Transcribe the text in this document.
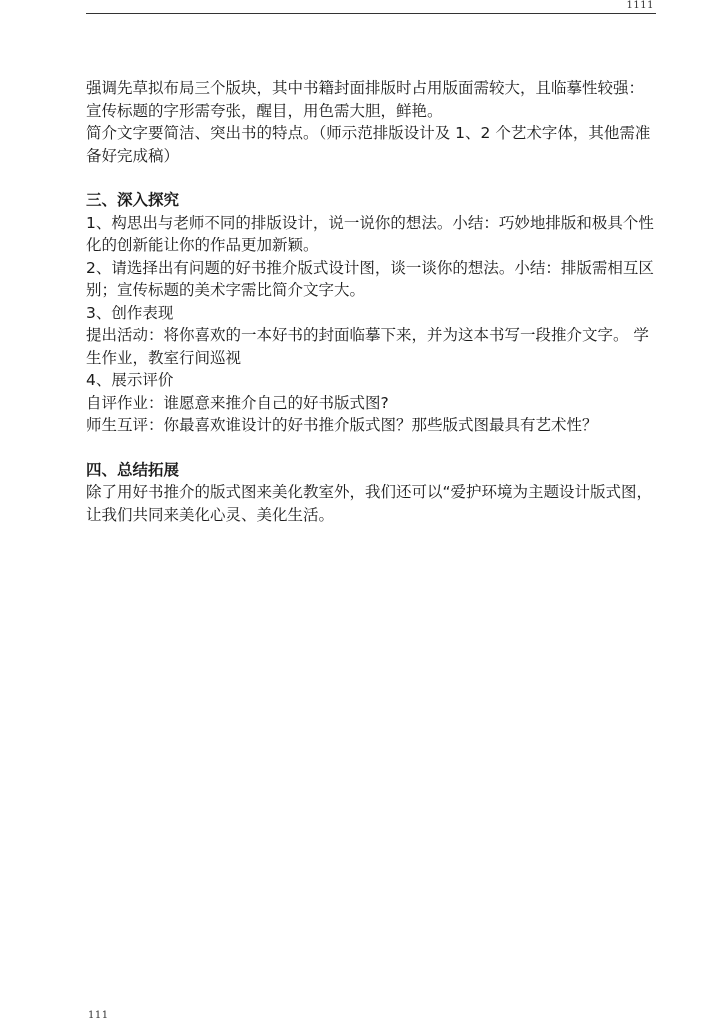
1111

强调先草拟布局三个版块，其中书籍封面排版时占用版面需较大，且临摹性较强：

宣传标题的字形需夸张，醒目，用色需大胆，鲜艳。

简介文字要简洁、突出书的特点。（师示范排版设计及 1、2 个艺术字体，其他需准备好完成稿）

三、深入探究

1、构思出与老师不同的排版设计，说一说你的想法。小结：巧妙地排版和极具个性化的创新能让你的作品更加新颖。

2、请选择出有问题的好书推介版式设计图，谈一谈你的想法。小结：排版需相互区别；宣传标题的美术字需比简介文字大。

3、创作表现

提出活动：将你喜欢的一本好书的封面临摹下来，并为这本书写一段推介文字。 学生作业，教室行间巡视

4、展示评价

自评作业：谁愿意来推介自己的好书版式图?

师生互评：你最喜欢谁设计的好书推介版式图？那些版式图最具有艺术性？

四、总结拓展

除了用好书推介的版式图来美化教室外，我们还可以“爱护环境为主题设计版式图，让我们共同来美化心灵、美化生活。

111
